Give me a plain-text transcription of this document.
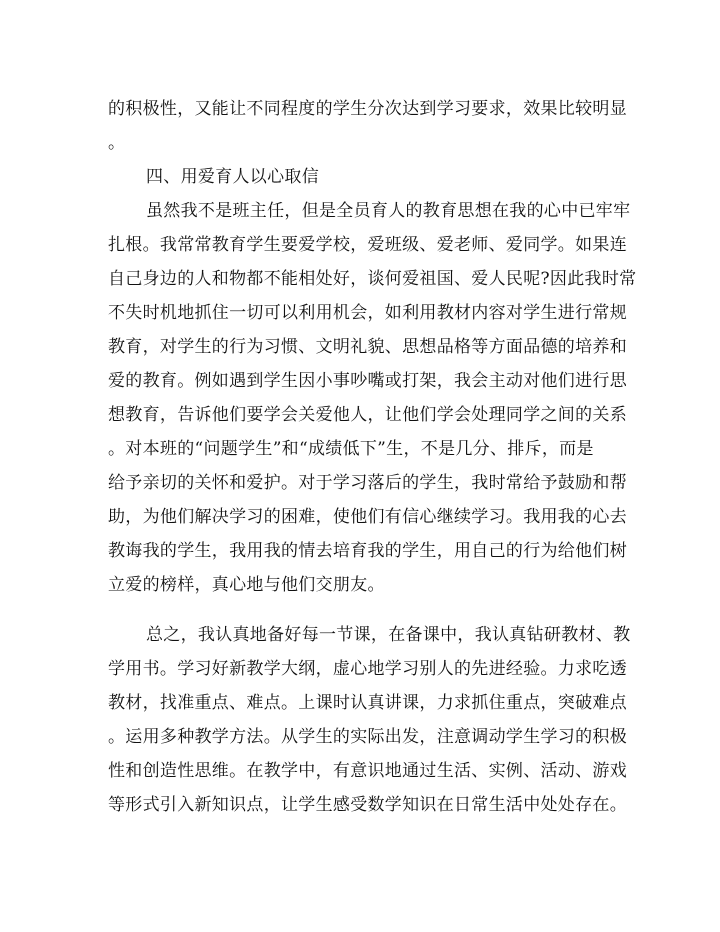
的积极性，又能让不同程度的学生分次达到学习要求，效果比较明显
。
四、用爱育人以心取信
虽然我不是班主任，但是全员育人的教育思想在我的心中已牢牢
扎根。我常常教育学生要爱学校，爱班级、爱老师、爱同学。如果连
自己身边的人和物都不能相处好，谈何爱祖国、爱人民呢?因此我时常
不失时机地抓住一切可以利用机会，如利用教材内容对学生进行常规
教育，对学生的行为习惯、文明礼貌、思想品格等方面品德的培养和
爱的教育。例如遇到学生因小事吵嘴或打架，我会主动对他们进行思
想教育，告诉他们要学会关爱他人，让他们学会处理同学之间的关系
。对本班的“问题学生”和“成绩低下”生，不是几分、排斥，而是
给予亲切的关怀和爱护。对于学习落后的学生，我时常给予鼓励和帮
助，为他们解决学习的困难，使他们有信心继续学习。我用我的心去
教诲我的学生，我用我的情去培育我的学生，用自己的行为给他们树
立爱的榜样，真心地与他们交朋友。
总之，我认真地备好每一节课，在备课中，我认真钻研教材、教
学用书。学习好新教学大纲，虚心地学习别人的先进经验。力求吃透
教材，找准重点、难点。上课时认真讲课，力求抓住重点，突破难点
。运用多种教学方法。从学生的实际出发，注意调动学生学习的积极
性和创造性思维。在教学中，有意识地通过生活、实例、活动、游戏
等形式引入新知识点，让学生感受数学知识在日常生活中处处存在。
